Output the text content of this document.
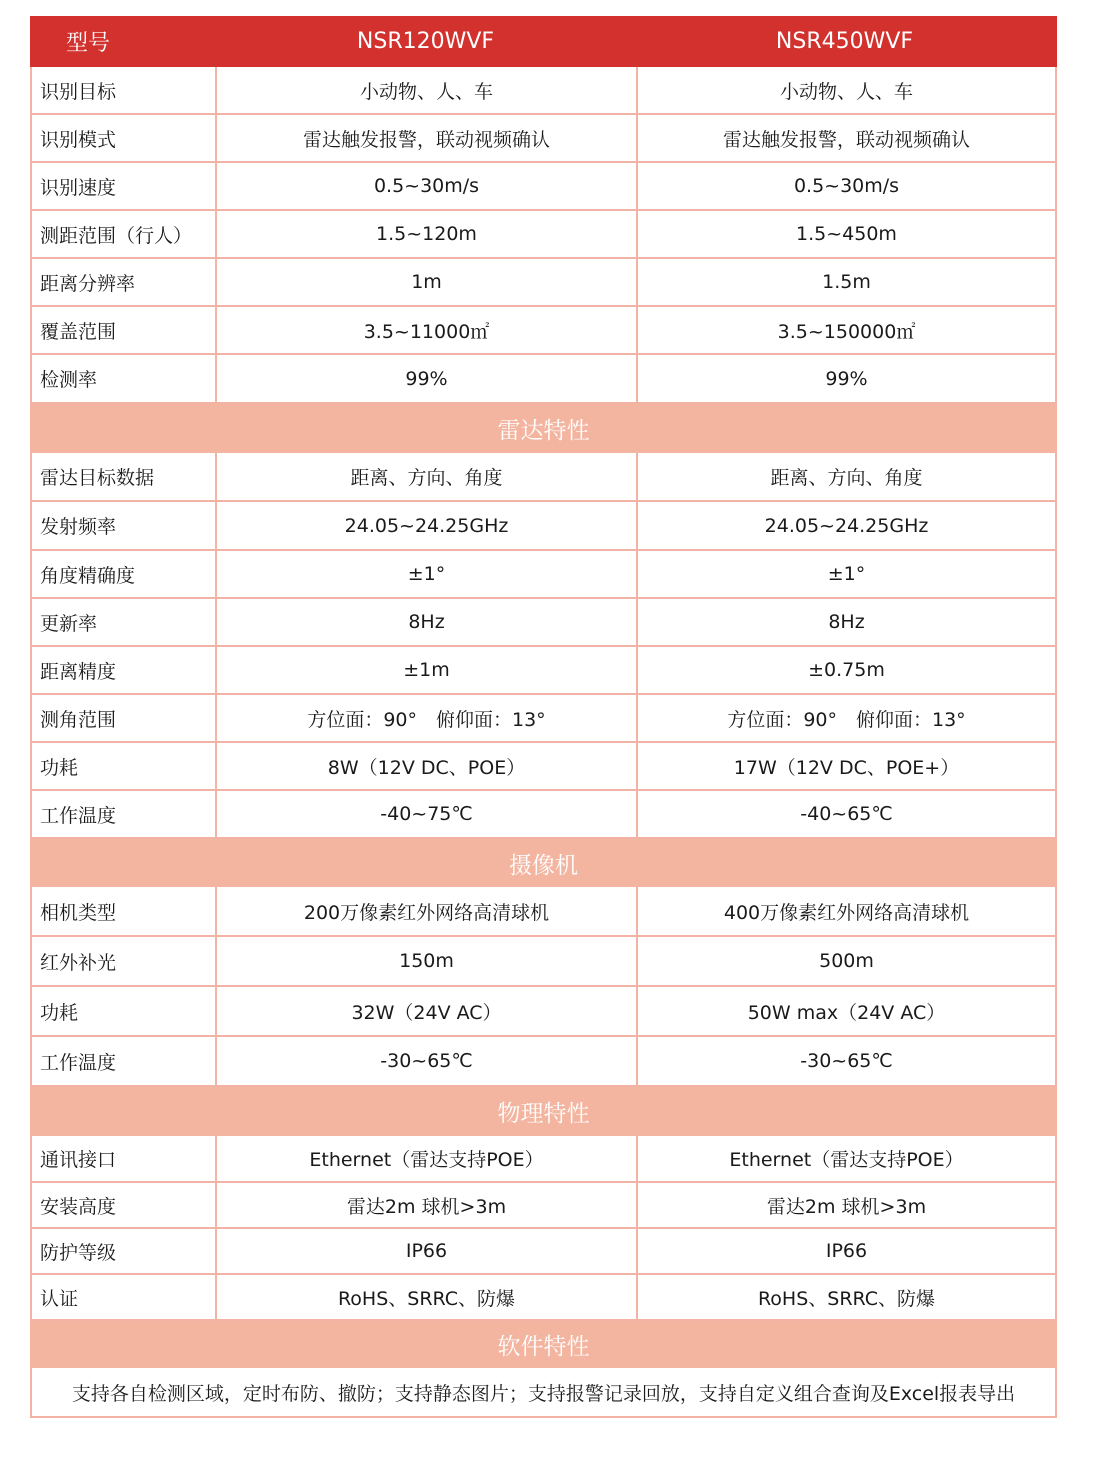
型号	NSR120WVF	NSR450WVF
识别目标	小动物、人、车	小动物、人、车
识别模式	雷达触发报警，联动视频确认	雷达触发报警，联动视频确认
识别速度	0.5~30m/s	0.5~30m/s
测距范围（行人）	1.5~120m	1.5~450m
距离分辨率	1m	1.5m
覆盖范围	3.5~11000㎡	3.5~150000㎡
检测率	99%	99%
雷达特性
雷达目标数据	距离、方向、角度	距离、方向、角度
发射频率	24.05~24.25GHz	24.05~24.25GHz
角度精确度	±1°	±1°
更新率	8Hz	8Hz
距离精度	±1m	±0.75m
测角范围	方位面：90°　俯仰面：13°	方位面：90°　俯仰面：13°
功耗	8W（12V DC、POE）	17W（12V DC、POE+）
工作温度	-40~75℃	-40~65℃
摄像机
相机类型	200万像素红外网络高清球机	400万像素红外网络高清球机
红外补光	150m	500m
功耗	32W（24V AC）	50W max（24V AC）
工作温度	-30~65℃	-30~65℃
物理特性
通讯接口	Ethernet（雷达支持POE）	Ethernet（雷达支持POE）
安装高度	雷达2m 球机>3m	雷达2m 球机>3m
防护等级	IP66	IP66
认证	RoHS、SRRC、防爆	RoHS、SRRC、防爆
软件特性
支持各自检测区域，定时布防、撤防；支持静态图片；支持报警记录回放，支持自定义组合查询及Excel报表导出
